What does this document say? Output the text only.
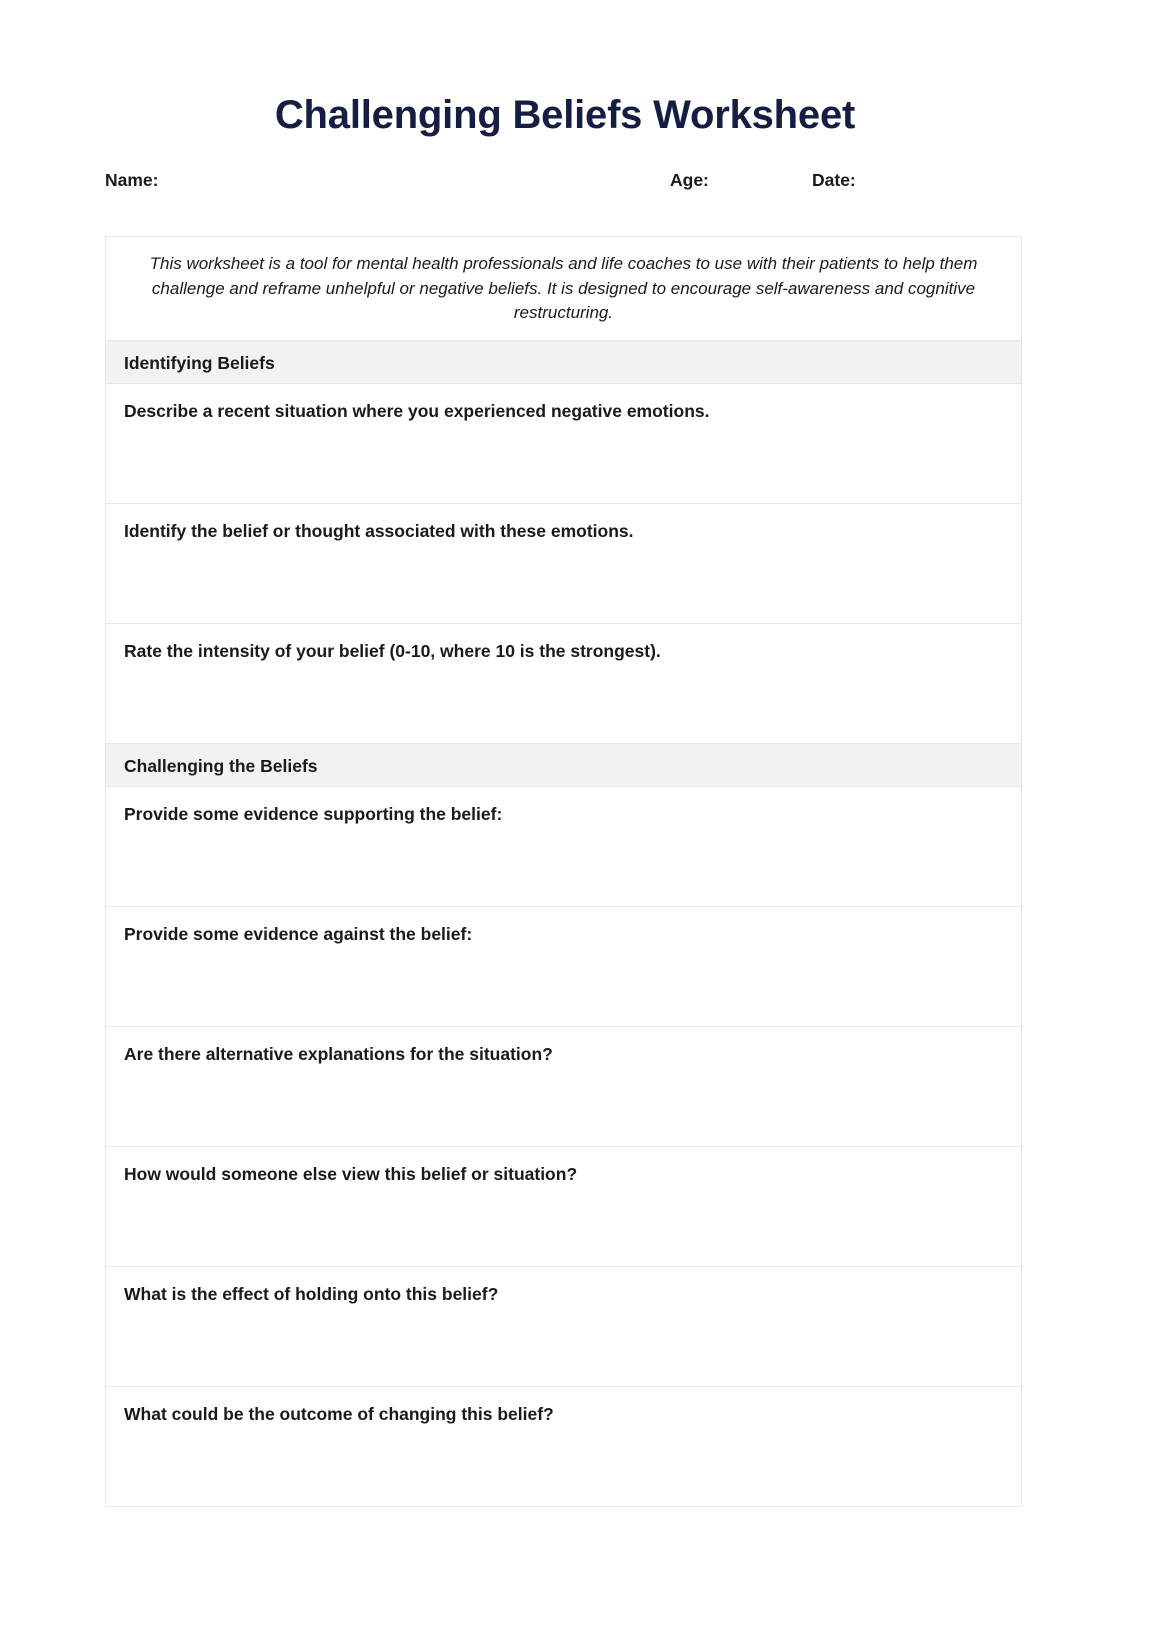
Challenging Beliefs Worksheet
Name:	Age:	Date:
This worksheet is a tool for mental health professionals and life coaches to use with their patients to help them challenge and reframe unhelpful or negative beliefs. It is designed to encourage self-awareness and cognitive restructuring.
Identifying Beliefs
Describe a recent situation where you experienced negative emotions.
Identify the belief or thought associated with these emotions.
Rate the intensity of your belief (0-10, where 10 is the strongest).
Challenging the Beliefs
Provide some evidence supporting the belief:
Provide some evidence against the belief:
Are there alternative explanations for the situation?
How would someone else view this belief or situation?
What is the effect of holding onto this belief?
What could be the outcome of changing this belief?
